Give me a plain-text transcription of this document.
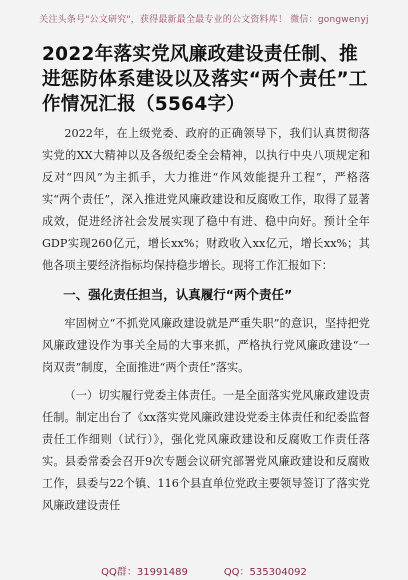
关注头条号"公文研究"，获得最新最全最专业的公文资料库！ 微信：gongwenyj
2022年落实党风廉政建设责任制、推进惩防体系建设以及落实“两个责任”工作情况汇报（5564字）

2022年，在上级党委、政府的正确领导下，我们认真贯彻落实党的XX大精神以及各级纪委全会精神，以执行中央八项规定和反对“四风”为主抓手，大力推进“作风效能提升工程”，严格落实“两个责任”，深入推进党风廉政建设和反腐败工作，取得了显著成效，促进经济社会发展实现了稳中有进、稳中向好。预计全年GDP实现260亿元，增长xx%；财政收入xx亿元，增长xx%；其他各项主要经济指标均保持稳步增长。现将工作汇报如下：

一、强化责任担当，认真履行“两个责任”

牢固树立“不抓党风廉政建设就是严重失职”的意识，坚持把党风廉政建设作为事关全局的大事来抓，严格执行党风廉政建设“一岗双责”制度，全面推进“两个责任”落实。

（一）切实履行党委主体责任。一是全面落实党风廉政建设责任制。制定出台了《xx落实党风廉政建设党委主体责任和纪委监督责任工作细则（试行）》，强化党风廉政建设和反腐败工作责任落实。县委常委会召开9次专题会议研究部署党风廉政建设和反腐败工作，县委与22个镇、116个县直单位党政主要领导签订了落实党风廉政建设责任

QQ群：31991489	QQ：535304092
